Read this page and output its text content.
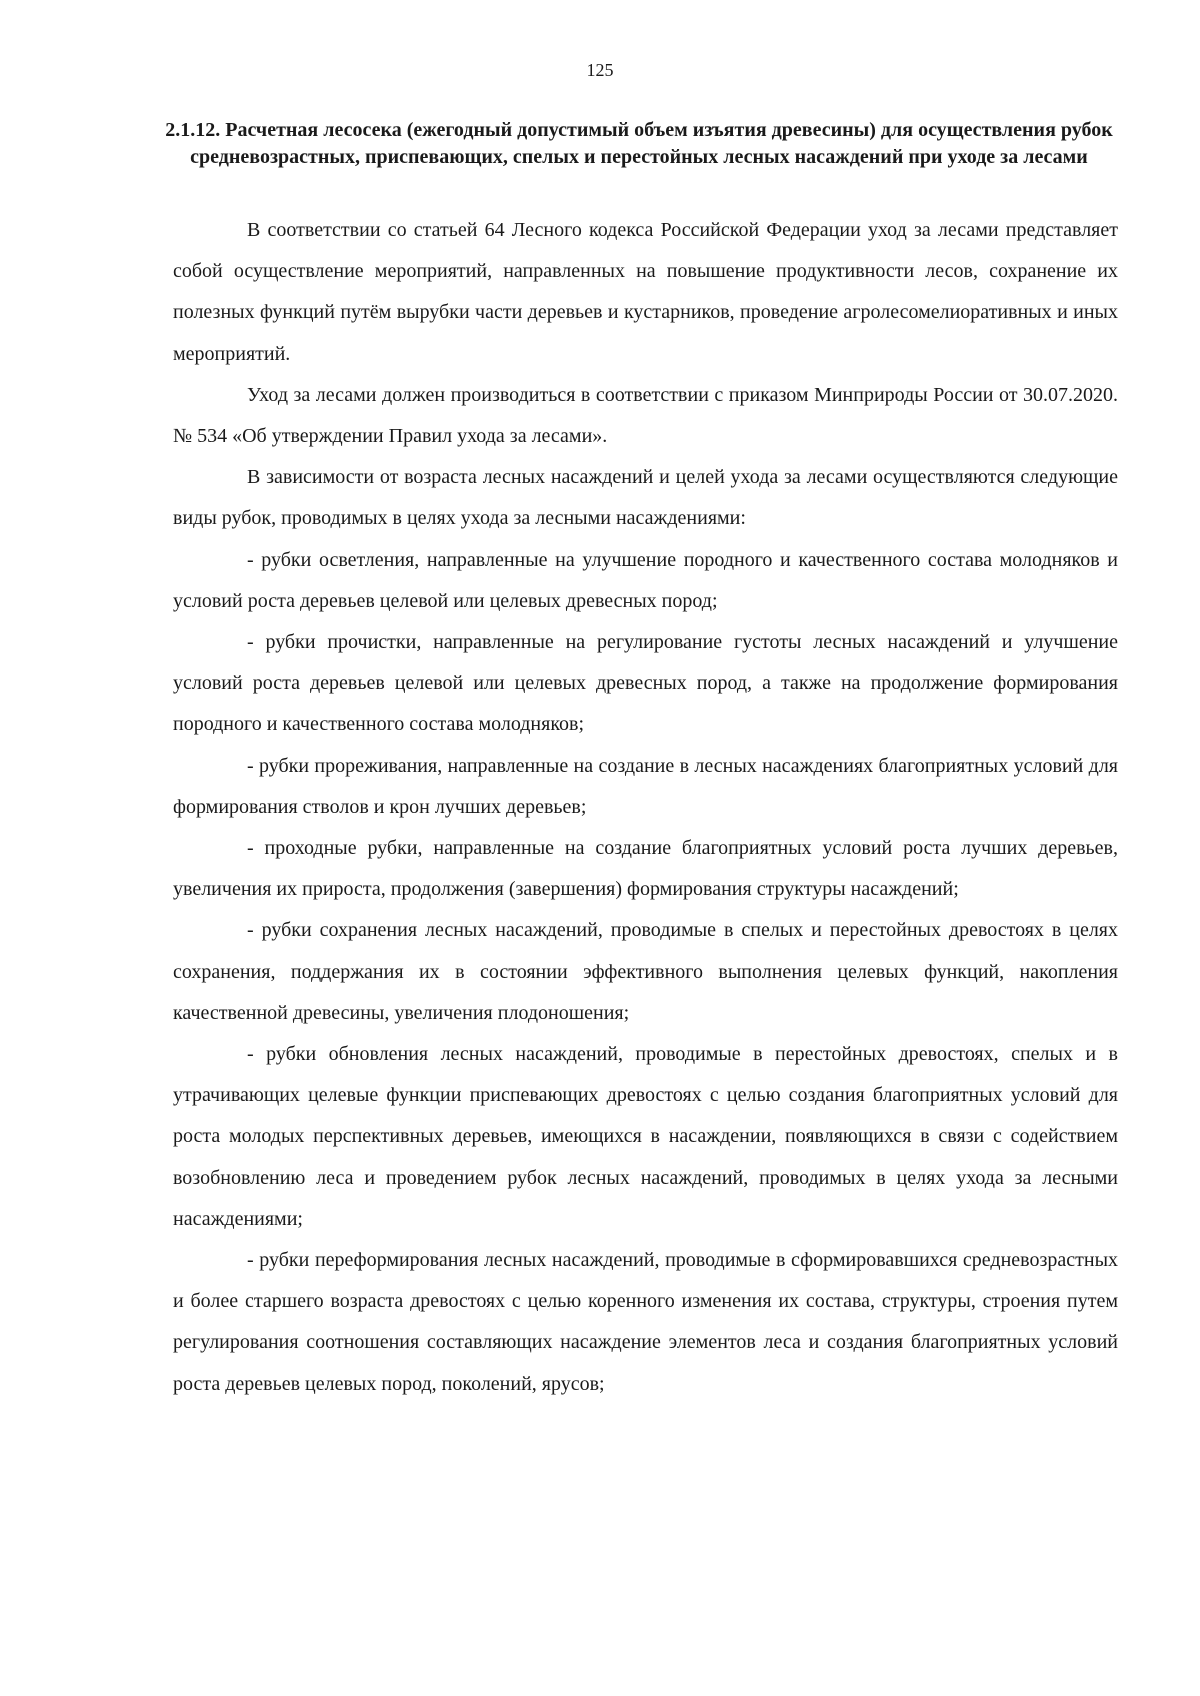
125
2.1.12. Расчетная лесосека (ежегодный допустимый объем изъятия древесины) для осуществления рубок средневозрастных, приспевающих, спелых и перестойных лесных насаждений при уходе за лесами

В соответствии со статьей 64 Лесного кодекса Российской Федерации уход за лесами представляет собой осуществление мероприятий, направленных на повышение продуктивности лесов, сохранение их полезных функций путём вырубки части деревьев и кустарников, проведение агролесомелиоративных и иных мероприятий.

Уход за лесами должен производиться в соответствии с приказом Минприроды России от 30.07.2020. № 534 «Об утверждении Правил ухода за лесами».

В зависимости от возраста лесных насаждений и целей ухода за лесами осуществляются следующие виды рубок, проводимых в целях ухода за лесными насаждениями:

- рубки осветления, направленные на улучшение породного и качественного состава молодняков и условий роста деревьев целевой или целевых древесных пород;

- рубки прочистки, направленные на регулирование густоты лесных насаждений и улучшение условий роста деревьев целевой или целевых древесных пород, а также на продолжение формирования породного и качественного состава молодняков;

- рубки прореживания, направленные на создание в лесных насаждениях благоприятных условий для формирования стволов и крон лучших деревьев;

- проходные рубки, направленные на создание благоприятных условий роста лучших деревьев, увеличения их прироста, продолжения (завершения) формирования структуры насаждений;

- рубки сохранения лесных насаждений, проводимые в спелых и перестойных древостоях в целях сохранения, поддержания их в состоянии эффективного выполнения целевых функций, накопления качественной древесины, увеличения плодоношения;

- рубки обновления лесных насаждений, проводимые в перестойных древостоях, спелых и в утрачивающих целевые функции приспевающих древостоях с целью создания благоприятных условий для роста молодых перспективных деревьев, имеющихся в насаждении, появляющихся в связи с содействием возобновлению леса и проведением рубок лесных насаждений, проводимых в целях ухода за лесными насаждениями;

- рубки переформирования лесных насаждений, проводимые в сформировавшихся средневозрастных и более старшего возраста древостоях с целью коренного изменения их состава, структуры, строения путем регулирования соотношения составляющих насаждение элементов леса и создания благоприятных условий роста деревьев целевых пород, поколений, ярусов;
